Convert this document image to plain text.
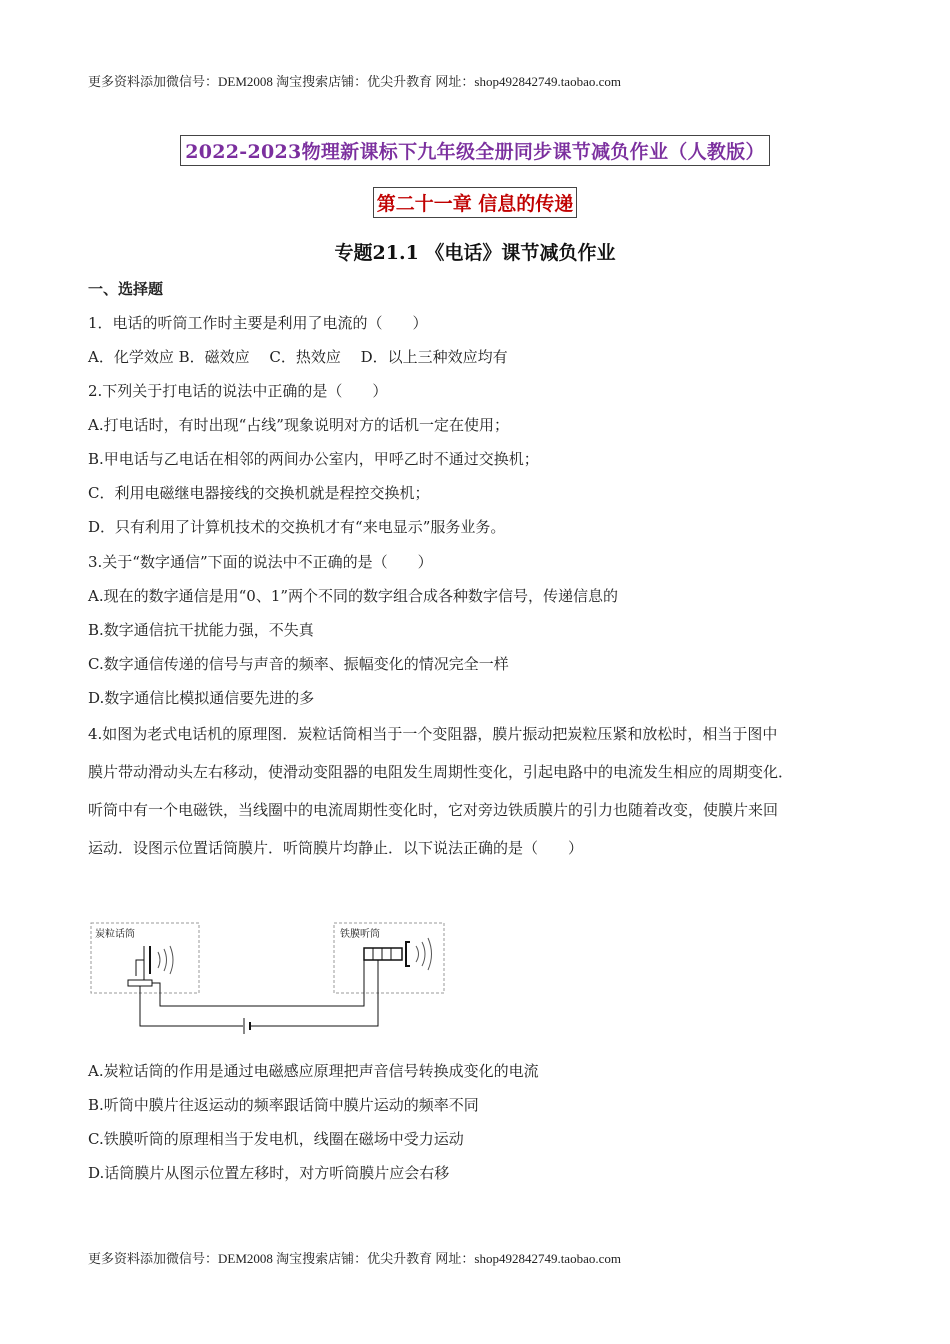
更多资料添加微信号：DEM2008 淘宝搜索店铺：优尖升教育 网址：shop492842749.taobao.com
2022-2023物理新课标下九年级全册同步课节减负作业（人教版）
第二十一章 信息的传递
专题21.1 《电话》课节减负作业
一、选择题
1．电话的听筒工作时主要是利用了电流的（　　）
A．化学效应 B．磁效应　 C．热效应　 D．以上三种效应均有
2.下列关于打电话的说法中正确的是（　　）
A.打电话时，有时出现“占线”现象说明对方的话机一定在使用；
B.甲电话与乙电话在相邻的两间办公室内，甲呼乙时不通过交换机；
C．利用电磁继电器接线的交换机就是程控交换机；
D．只有利用了计算机技术的交换机才有“来电显示”服务业务。
3.关于“数字通信”下面的说法中不正确的是（　　）
A.现在的数字通信是用“0、1”两个不同的数字组合成各种数字信号，传递信息的
B.数字通信抗干扰能力强，不失真
C.数字通信传递的信号与声音的频率、振幅变化的情况完全一样
D.数字通信比模拟通信要先进的多
4.如图为老式电话机的原理图．炭粒话筒相当于一个变阻器，膜片振动把炭粒压紧和放松时，相当于图中
膜片带动滑动头左右移动，使滑动变阻器的电阻发生周期性变化，引起电路中的电流发生相应的周期变化．
听筒中有一个电磁铁，当线圈中的电流周期性变化时，它对旁边铁质膜片的引力也随着改变，使膜片来回
运动．设图示位置话筒膜片．听筒膜片均静止．以下说法正确的是（　　）
炭粒话筒	铁膜听筒
A.炭粒话筒的作用是通过电磁感应原理把声音信号转换成变化的电流
B.听筒中膜片往返运动的频率跟话筒中膜片运动的频率不同
C.铁膜听筒的原理相当于发电机，线圈在磁场中受力运动
D.话筒膜片从图示位置左移时，对方听筒膜片应会右移
更多资料添加微信号：DEM2008 淘宝搜索店铺：优尖升教育 网址：shop492842749.taobao.com
